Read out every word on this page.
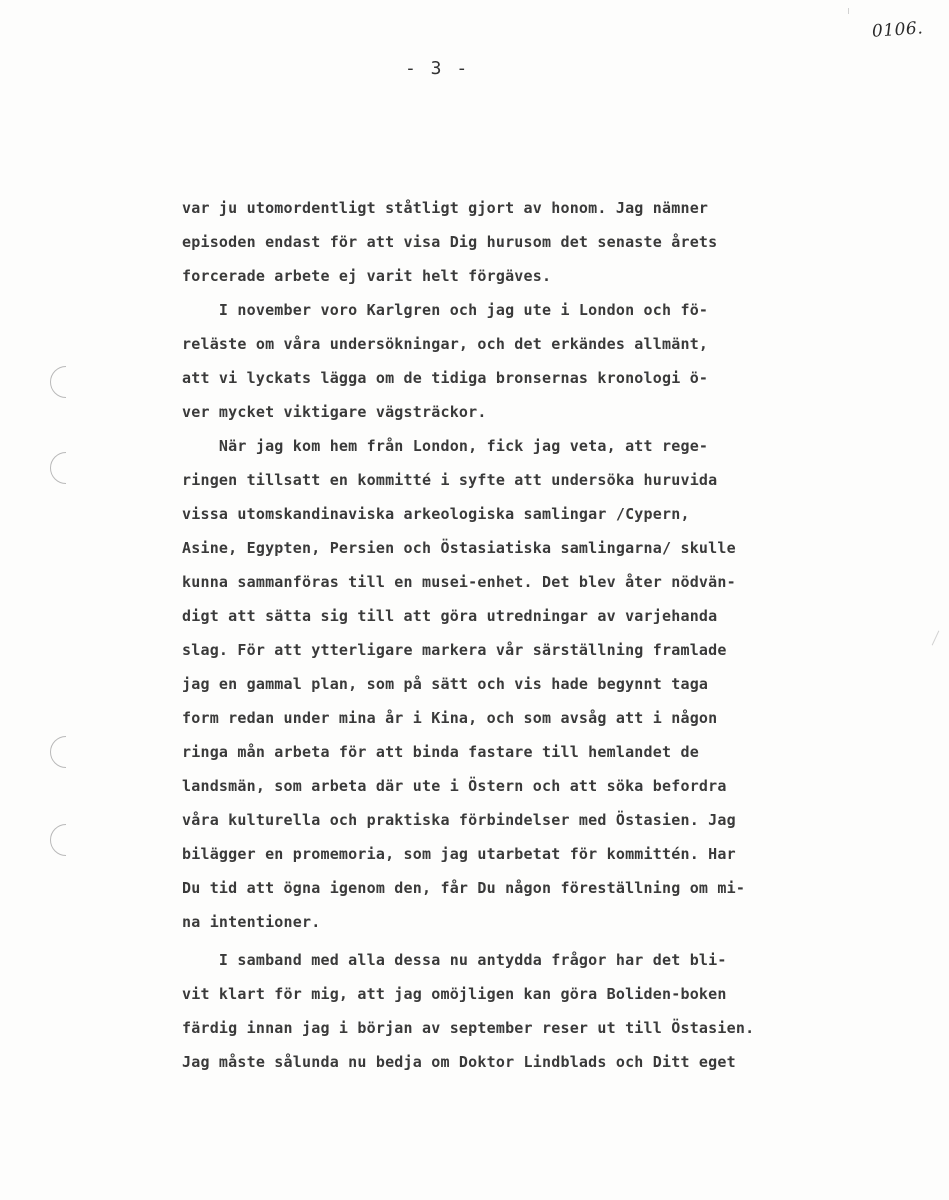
0106.
- 3 -
var ju utomordentligt ståtligt gjort av honom. Jag nämner
episoden endast för att visa Dig hurusom det senaste årets
forcerade arbete ej varit helt förgäves.
I november voro Karlgren och jag ute i London och fö-
reläste om våra undersökningar, och det erkändes allmänt,
att vi lyckats lägga om de tidiga bronsernas kronologi ö-
ver mycket viktigare vägsträckor.
När jag kom hem från London, fick jag veta, att rege-
ringen tillsatt en kommitté i syfte att undersöka huruvida
vissa utomskandinaviska arkeologiska samlingar /Cypern,
Asine, Egypten, Persien och Östasiatiska samlingarna/ skulle
kunna sammanföras till en musei-enhet. Det blev åter nödvän-
digt att sätta sig till att göra utredningar av varjehanda
slag. För att ytterligare markera vår särställning framlade
jag en gammal plan, som på sätt och vis hade begynnt taga
form redan under mina år i Kina, och som avsåg att i någon
ringa mån arbeta för att binda fastare till hemlandet de
landsmän, som arbeta där ute i Östern och att söka befordra
våra kulturella och praktiska förbindelser med Östasien. Jag
bilägger en promemoria, som jag utarbetat för kommittén. Har
Du tid att ögna igenom den, får Du någon föreställning om mi-
na intentioner.
I samband med alla dessa nu antydda frågor har det bli-
vit klart för mig, att jag omöjligen kan göra Boliden-boken
färdig innan jag i början av september reser ut till Östasien.
Jag måste sålunda nu bedja om Doktor Lindblads och Ditt eget
